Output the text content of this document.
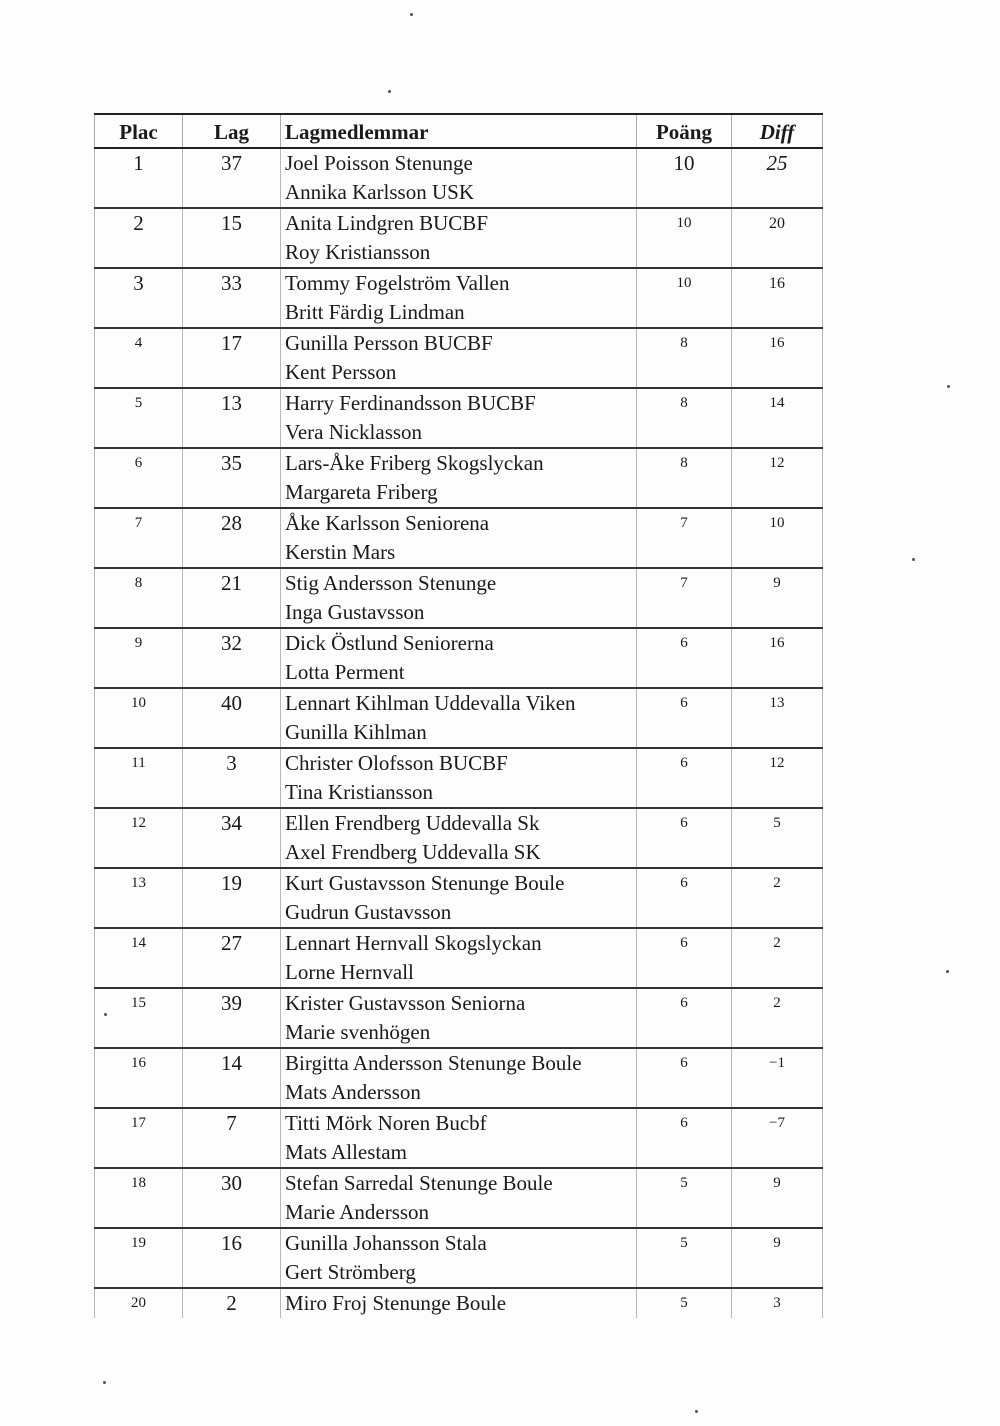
Plac	Lag	Lagmedlemmar	Poäng	Diff
1	37	Joel Poisson Stenunge	10	25
		Annika Karlsson USK		
2	15	Anita Lindgren BUCBF	10	20
		Roy Kristiansson		
3	33	Tommy Fogelström Vallen	10	16
		Britt Färdig Lindman		
4	17	Gunilla Persson BUCBF	8	16
		Kent Persson		
5	13	Harry Ferdinandsson BUCBF	8	14
		Vera Nicklasson		
6	35	Lars-Åke Friberg Skogslyckan	8	12
		Margareta Friberg		
7	28	Åke Karlsson Seniorena	7	10
		Kerstin Mars		
8	21	Stig Andersson Stenunge	7	9
		Inga Gustavsson		
9	32	Dick Östlund Seniorerna	6	16
		Lotta Perment		
10	40	Lennart Kihlman Uddevalla Viken	6	13
		Gunilla Kihlman		
11	3	Christer Olofsson BUCBF	6	12
		Tina Kristiansson		
12	34	Ellen Frendberg Uddevalla Sk	6	5
		Axel Frendberg Uddevalla SK		
13	19	Kurt Gustavsson Stenunge Boule	6	2
		Gudrun Gustavsson		
14	27	Lennart Hernvall Skogslyckan	6	2
		Lorne Hernvall		
15	39	Krister Gustavsson Seniorna	6	2
		Marie svenhögen		
16	14	Birgitta Andersson Stenunge Boule	6	−1
		Mats Andersson		
17	7	Titti Mörk Noren Bucbf	6	−7
		Mats Allestam		
18	30	Stefan Sarredal Stenunge Boule	5	9
		Marie Andersson		
19	16	Gunilla Johansson Stala	5	9
		Gert Strömberg		
20	2	Miro Froj Stenunge Boule	5	3
